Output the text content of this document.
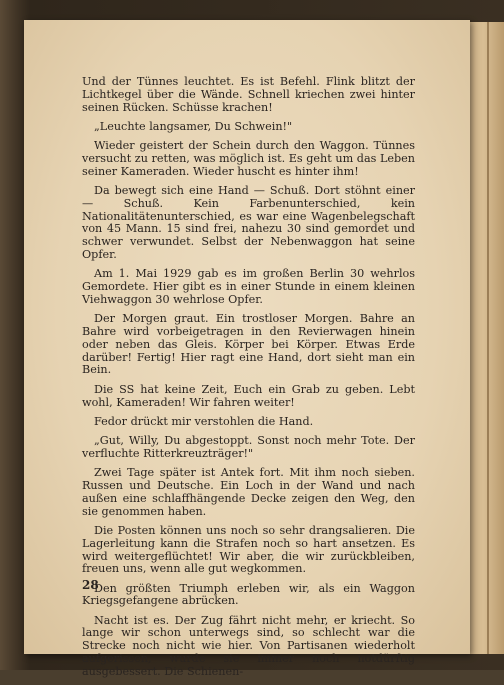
Und der Tünnes leuchtet. Es ist Befehl. Flink blitzt der Lichtkegel über die Wände. Schnell kriechen zwei hinter seinen Rücken. Schüsse krachen!

„Leuchte langsamer, Du Schwein!"

Wieder geistert der Schein durch den Waggon. Tünnes versucht zu retten, was möglich ist. Es geht um das Leben seiner Kameraden. Wieder huscht es hinter ihm!

Da bewegt sich eine Hand — Schuß. Dort stöhnt einer — Schuß. Kein Farbenunterschied, kein Nationalitätenunterschied, es war eine Wagenbelegschaft von 45 Mann. 15 sind frei, nahezu 30 sind gemordet und schwer verwundet. Selbst der Nebenwaggon hat seine Opfer.

Am 1. Mai 1929 gab es im großen Berlin 30 wehrlos Gemordete. Hier gibt es in einer Stunde in einem kleinen Viehwaggon 30 wehrlose Opfer.

Der Morgen graut. Ein trostloser Morgen. Bahre an Bahre wird vorbeigetragen in den Revierwagen hinein oder neben das Gleis. Körper bei Körper. Etwas Erde darüber! Fertig! Hier ragt eine Hand, dort sieht man ein Bein.

Die SS hat keine Zeit, Euch ein Grab zu geben. Lebt wohl, Kameraden! Wir fahren weiter!

Fedor drückt mir verstohlen die Hand.

„Gut, Willy, Du abgestoppt. Sonst noch mehr Tote. Der verfluchte Ritterkreuzträger!"

Zwei Tage später ist Antek fort. Mit ihm noch sieben. Russen und Deutsche. Ein Loch in der Wand und nach außen eine schlaffhängende Decke zeigen den Weg, den sie genommen haben.

Die Posten können uns noch so sehr drangsalieren. Die Lagerleitung kann die Strafen noch so hart ansetzen. Es wird weitergeflüchtet! Wir aber, die wir zurückbleiben, freuen uns, wenn alle gut wegkommen.

Den größten Triumph erleben wir, als ein Waggon Kriegsgefangene abrücken.

Nacht ist es. Der Zug fährt nicht mehr, er kriecht. So lange wir schon unterwegs sind, so schlecht war die Strecke noch nicht wie hier. Von Partisanen wiederholt aufgerissen, wurde sie immer noch notdürftig ausgebessert. Die Schienen-

28
